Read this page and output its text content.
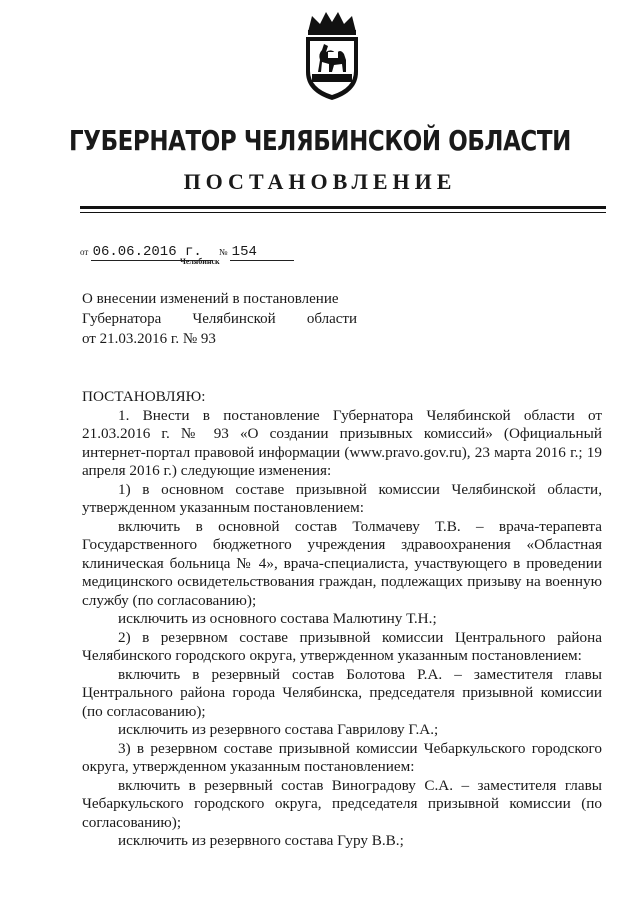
ГУБЕРНАТОР ЧЕЛЯБИНСКОЙ ОБЛАСТИ
ПОСТАНОВЛЕНИЕ
от 06.06.2016 г. № 154
Челябинск
О внесении изменений в постановление
Губернатора Челябинской области
от 21.03.2016 г. № 93

ПОСТАНОВЛЯЮ:

1. Внести в постановление Губернатора Челябинской области от 21.03.2016 г. № 93 «О создании призывных комиссий» (Официальный интернет-портал правовой информации (www.pravo.gov.ru), 23 марта 2016 г.; 19 апреля 2016 г.) следующие изменения:

1) в основном составе призывной комиссии Челябинской области, утвержденном указанным постановлением:

включить в основной состав Толмачеву Т.В. – врача-терапевта Государственного бюджетного учреждения здравоохранения «Областная клиническая больница № 4», врача-специалиста, участвующего в проведении медицинского освидетельствования граждан, подлежащих призыву на военную службу (по согласованию);

исключить из основного состава Малютину Т.Н.;

2) в резервном составе призывной комиссии Центрального района Челябинского городского округа, утвержденном указанным постановлением:

включить в резервный состав Болотова Р.А. – заместителя главы Центрального района города Челябинска, председателя призывной комиссии (по согласованию);

исключить из резервного состава Гаврилову Г.А.;

3) в резервном составе призывной комиссии Чебаркульского городского округа, утвержденном указанным постановлением:

включить в резервный состав Виноградову С.А. – заместителя главы Чебаркульского городского округа, председателя призывной комиссии (по согласованию);

исключить из резервного состава Гуру В.В.;
